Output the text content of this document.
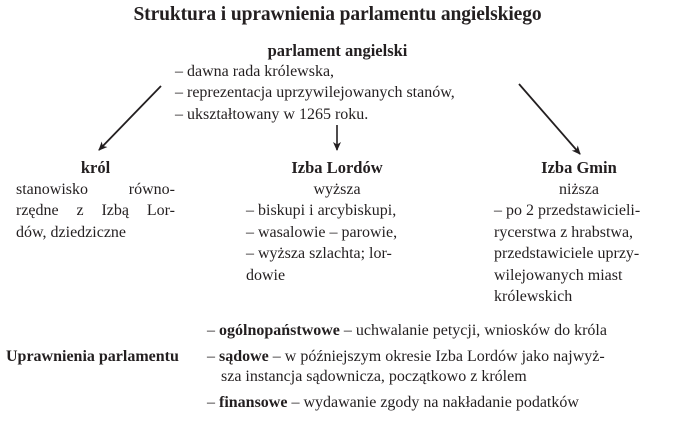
Struktura i uprawnienia parlamentu angielskiego
parlament angielski
– dawna rada królewska,
– reprezentacja uprzywilejowanych stanów,
– ukształtowany w 1265 roku.
król
stanowisko	równo-
rzędne z Izbą Lor-
dów, dziedziczne
Izba Lordów
wyższa
– biskupi i arcybiskupi,
– wasalowie – parowie,
– wyższa szlachta; lor-
dowie
Izba Gmin
niższa
– po 2 przedstawicieli-
rycerstwa z hrabstwa,
przedstawiciele uprzy-
wilejowanych miast
królewskich
Uprawnienia parlamentu
– ogólnopaństwowe – uchwalanie petycji, wniosków do króla
– sądowe – w późniejszym okresie Izba Lordów jako najwyż-
sza instancja sądownicza, początkowo z królem
– finansowe – wydawanie zgody na nakładanie podatków
